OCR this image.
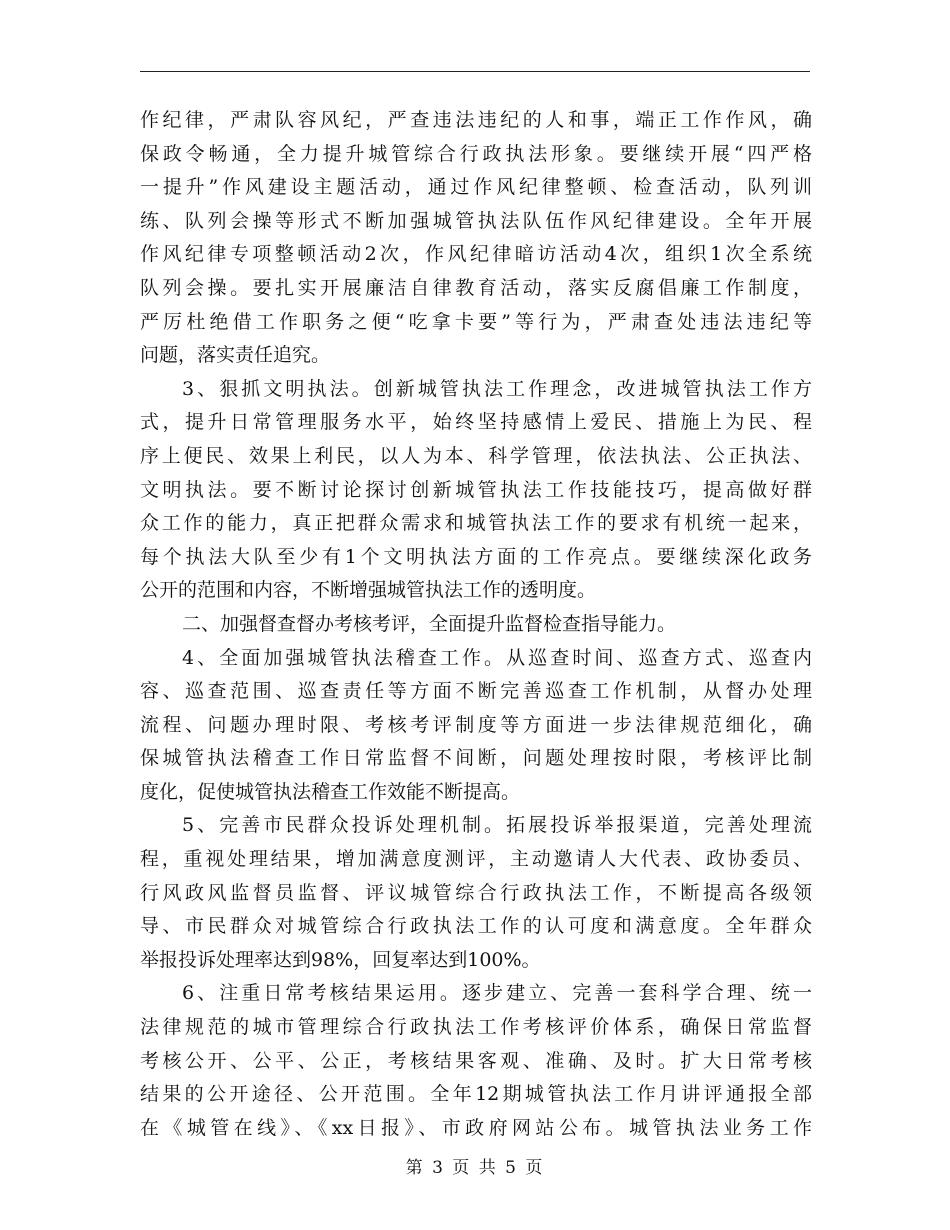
作纪律，严肃队容风纪，严查违法违纪的人和事，端正工作作风，确
保政令畅通，全力提升城管综合行政执法形象。要继续开展“四严格
一提升”作风建设主题活动，通过作风纪律整顿、检查活动，队列训
练、队列会操等形式不断加强城管执法队伍作风纪律建设。全年开展
作风纪律专项整顿活动2次，作风纪律暗访活动4次，组织1次全系统
队列会操。要扎实开展廉洁自律教育活动，落实反腐倡廉工作制度，
严厉杜绝借工作职务之便“吃拿卡要”等行为，严肃查处违法违纪等
问题，落实责任追究。
3、狠抓文明执法。创新城管执法工作理念，改进城管执法工作方
式，提升日常管理服务水平，始终坚持感情上爱民、措施上为民、程
序上便民、效果上利民，以人为本、科学管理，依法执法、公正执法、
文明执法。要不断讨论探讨创新城管执法工作技能技巧，提高做好群
众工作的能力，真正把群众需求和城管执法工作的要求有机统一起来，
每个执法大队至少有1个文明执法方面的工作亮点。要继续深化政务
公开的范围和内容，不断增强城管执法工作的透明度。
二、加强督查督办考核考评，全面提升监督检查指导能力。
4、全面加强城管执法稽查工作。从巡查时间、巡查方式、巡查内
容、巡查范围、巡查责任等方面不断完善巡查工作机制，从督办处理
流程、问题办理时限、考核考评制度等方面进一步法律规范细化，确
保城管执法稽查工作日常监督不间断，问题处理按时限，考核评比制
度化，促使城管执法稽查工作效能不断提高。
5、完善市民群众投诉处理机制。拓展投诉举报渠道，完善处理流
程，重视处理结果，增加满意度测评，主动邀请人大代表、政协委员、
行风政风监督员监督、评议城管综合行政执法工作，不断提高各级领
导、市民群众对城管综合行政执法工作的认可度和满意度。全年群众
举报投诉处理率达到98%，回复率达到100%。
6、注重日常考核结果运用。逐步建立、完善一套科学合理、统一
法律规范的城市管理综合行政执法工作考核评价体系，确保日常监督
考核公开、公平、公正，考核结果客观、准确、及时。扩大日常考核
结果的公开途径、公开范围。全年12期城管执法工作月讲评通报全部
在《城管在线》、《xx日报》、市政府网站公布。城管执法业务工作
第 3 页 共 5 页
